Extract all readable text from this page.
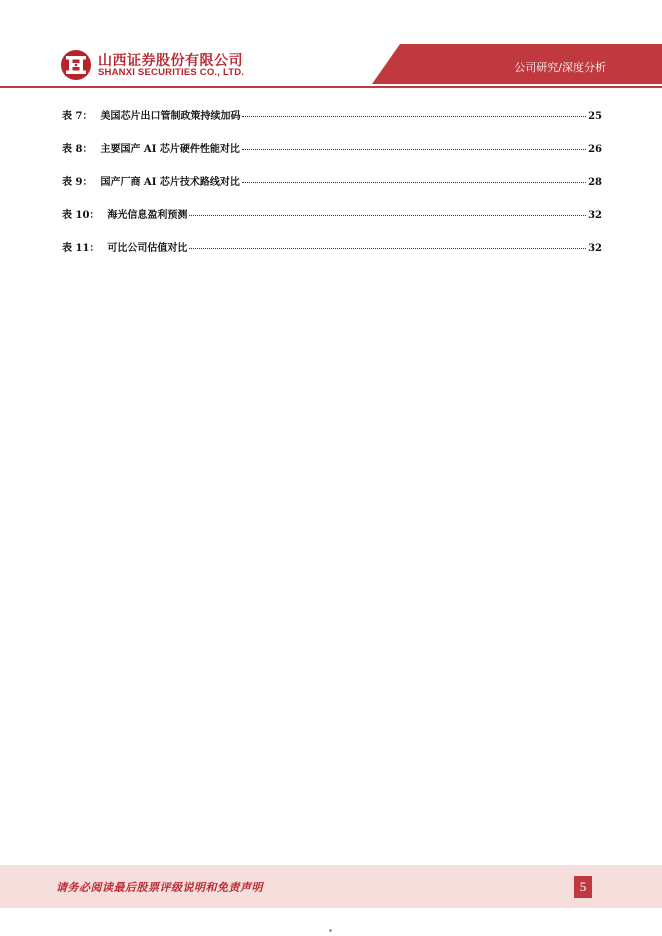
山西证券股份有限公司
SHANXI SECURITIES CO., LTD.	公司研究/深度分析
表 7： 美国芯片出口管制政策持续加码	25
表 8： 主要国产 AI 芯片硬件性能对比	26
表 9： 国产厂商 AI 芯片技术路线对比	28
表 10： 海光信息盈利预测	32
表 11： 可比公司估值对比	32
请务必阅读最后股票评级说明和免责声明	5
